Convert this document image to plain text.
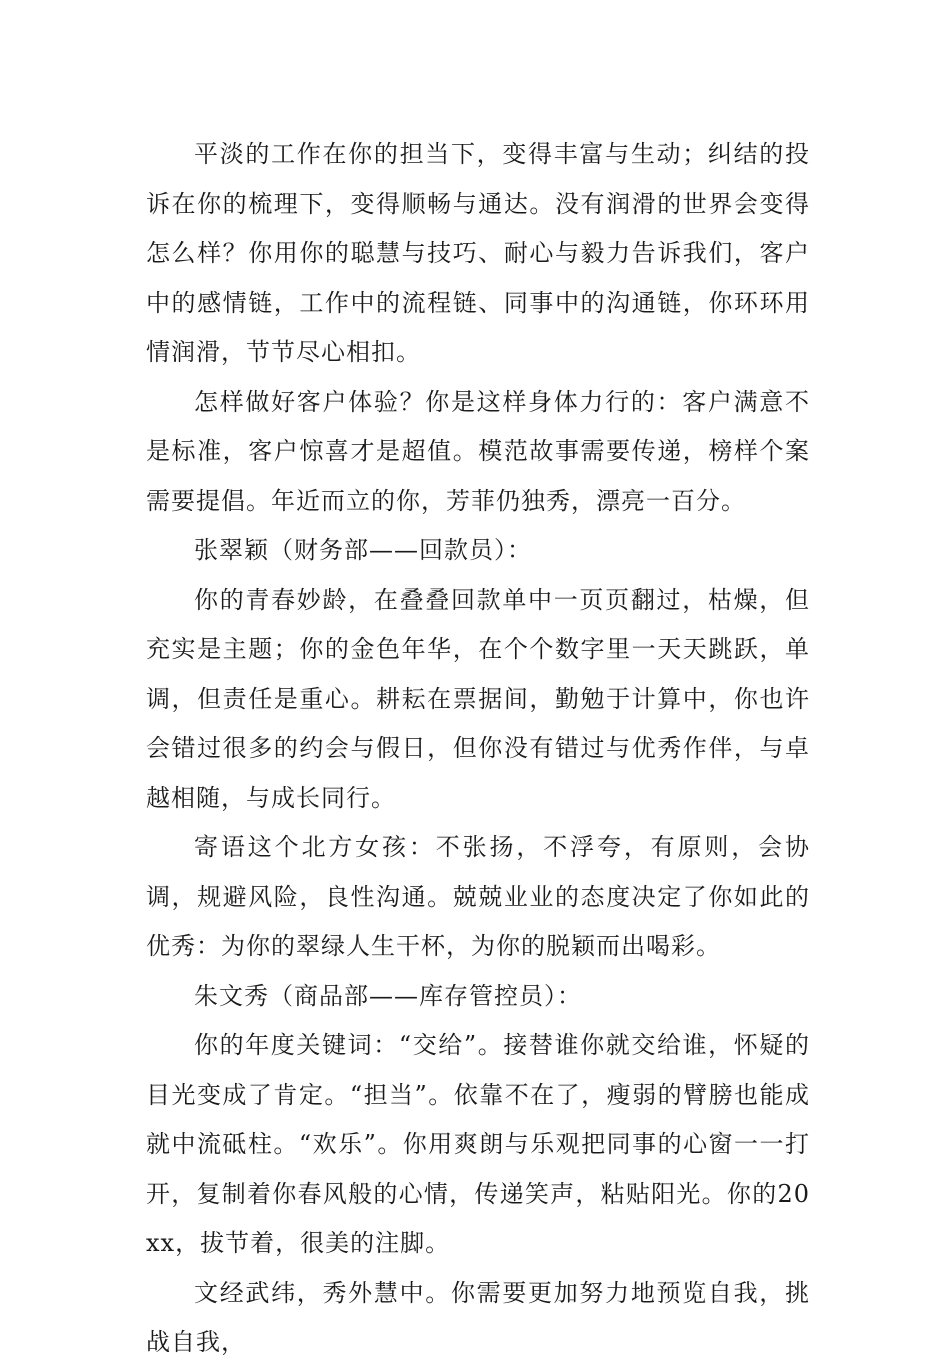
平淡的工作在你的担当下，变得丰富与生动；纠结的投诉在你的梳理下，变得顺畅与通达。没有润滑的世界会变得怎么样？你用你的聪慧与技巧、耐心与毅力告诉我们，客户中的感情链，工作中的流程链、同事中的沟通链，你环环用情润滑，节节尽心相扣。

怎样做好客户体验？你是这样身体力行的：客户满意不是标准，客户惊喜才是超值。模范故事需要传递，榜样个案需要提倡。年近而立的你，芳菲仍独秀，漂亮一百分。

张翠颖（财务部——回款员）：

你的青春妙龄，在叠叠回款单中一页页翻过，枯燥，但充实是主题；你的金色年华，在个个数字里一天天跳跃，单调，但责任是重心。耕耘在票据间，勤勉于计算中，你也许会错过很多的约会与假日，但你没有错过与优秀作伴，与卓越相随，与成长同行。

寄语这个北方女孩：不张扬，不浮夸，有原则，会协调，规避风险，良性沟通。兢兢业业的态度决定了你如此的优秀：为你的翠绿人生干杯，为你的脱颖而出喝彩。

朱文秀（商品部——库存管控员）：

你的年度关键词：“交给”。接替谁你就交给谁，怀疑的目光变成了肯定。“担当”。依靠不在了，瘦弱的臂膀也能成就中流砥柱。“欢乐”。你用爽朗与乐观把同事的心窗一一打开，复制着你春风般的心情，传递笑声，粘贴阳光。你的20xx，拔节着，很美的注脚。

文经武纬，秀外慧中。你需要更加努力地预览自我，挑战自我，
